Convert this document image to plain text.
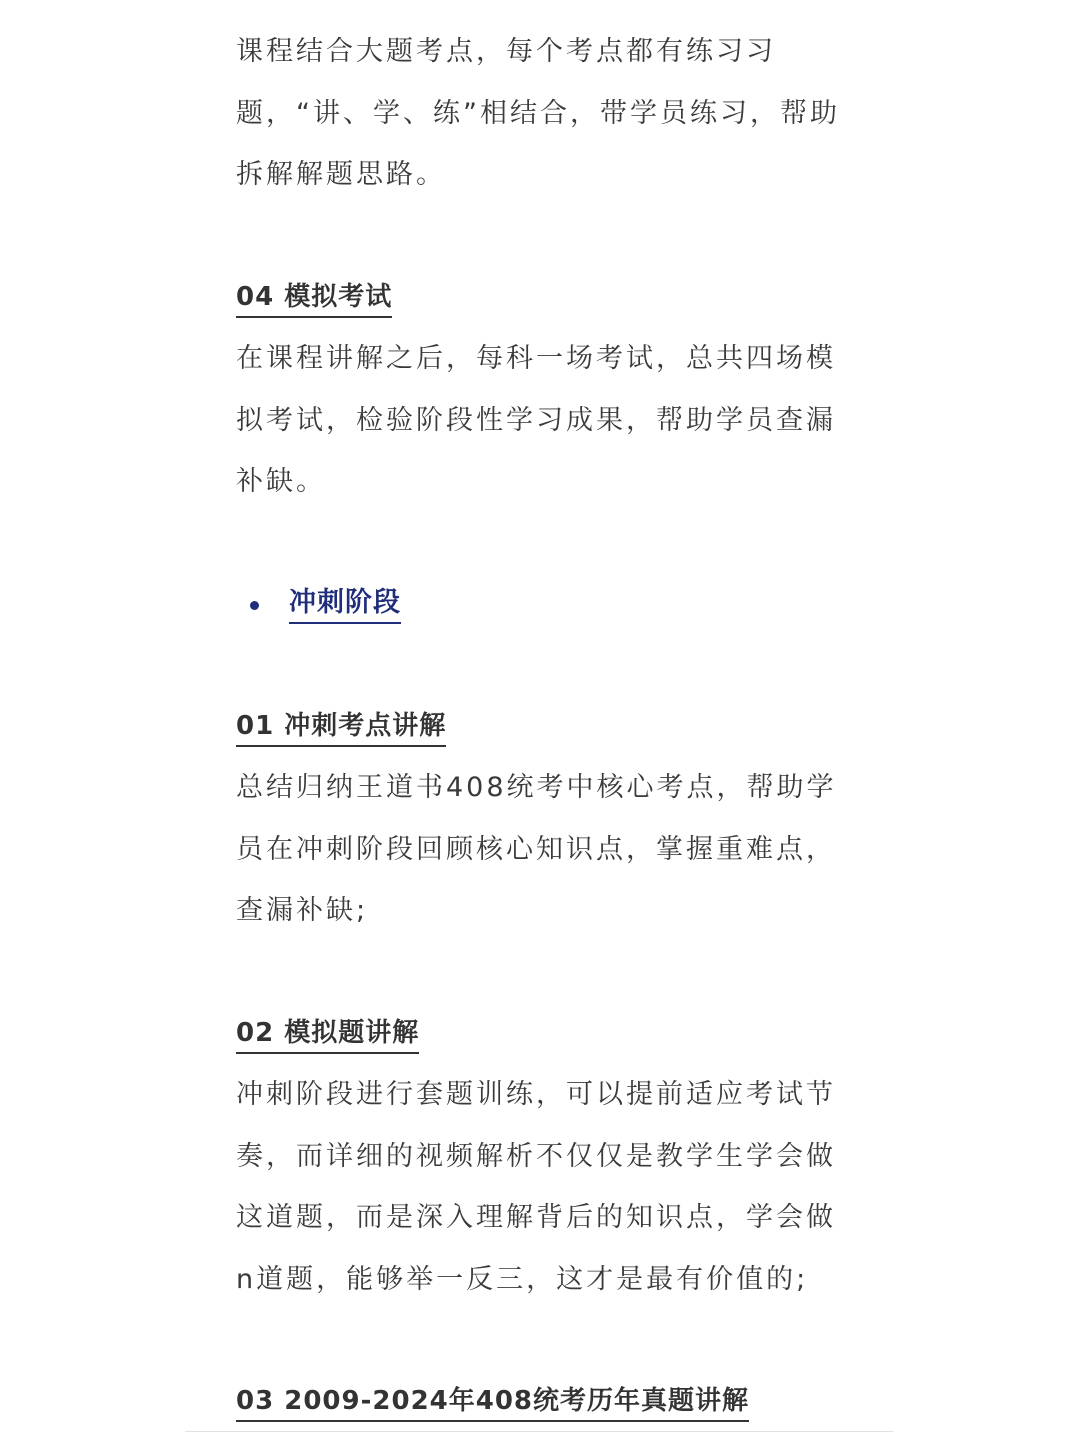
课程结合大题考点，每个考点都有练习习题，“讲、学、练”相结合，带学员练习，帮助拆解解题思路。

04 模拟考试

在课程讲解之后，每科一场考试，总共四场模拟考试，检验阶段性学习成果，帮助学员查漏补缺。

冲刺阶段
01 冲刺考点讲解

总结归纳王道书408统考中核心考点，帮助学员在冲刺阶段回顾核心知识点，掌握重难点，查漏补缺;

02 模拟题讲解

冲刺阶段进行套题训练，可以提前适应考试节奏，而详细的视频解析不仅仅是教学生学会做这道题，而是深入理解背后的知识点，学会做n道题，能够举一反三，这才是最有价值的;

03 2009-2024年408统考历年真题讲解
